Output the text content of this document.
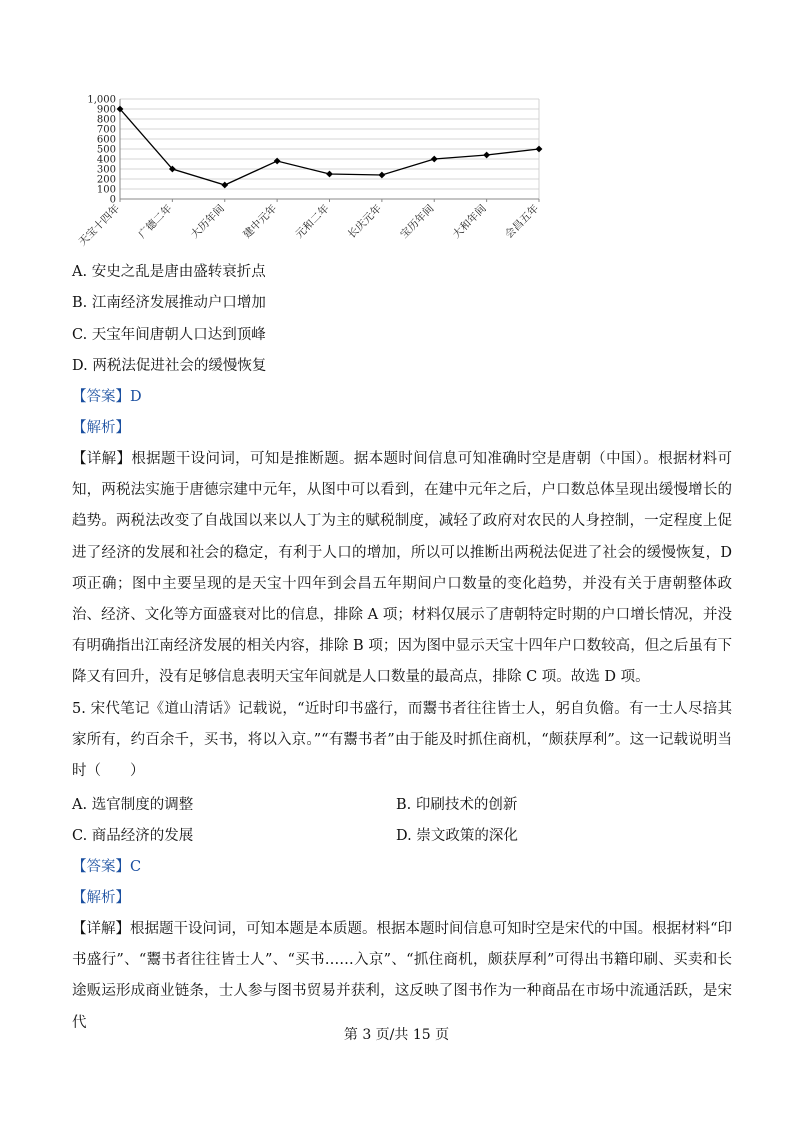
0
100
200
300
400
500
600
700
800
900
1,000
天宝十四年 广德二年 大历年间 建中元年 元和二年 长庆元年 宝历年间 大和年间 会昌五年
A. 安史之乱是唐由盛转衰折点
B. 江南经济发展推动户口增加
C. 天宝年间唐朝人口达到顶峰
D. 两税法促进社会的缓慢恢复
【答案】D
【解析】
【详解】根据题干设问词，可知是推断题。据本题时间信息可知准确时空是唐朝（中国）。根据材料可知，两税法实施于唐德宗建中元年，从图中可以看到，在建中元年之后，户口数总体呈现出缓慢增长的趋势。两税法改变了自战国以来以人丁为主的赋税制度，减轻了政府对农民的人身控制，一定程度上促进了经济的发展和社会的稳定，有利于人口的增加，所以可以推断出两税法促进了社会的缓慢恢复，D 项正确；图中主要呈现的是天宝十四年到会昌五年期间户口数量的变化趋势，并没有关于唐朝整体政治、经济、文化等方面盛衰对比的信息，排除 A 项；材料仅展示了唐朝特定时期的户口增长情况，并没有明确指出江南经济发展的相关内容，排除 B 项；因为图中显示天宝十四年户口数较高，但之后虽有下降又有回升，没有足够信息表明天宝年间就是人口数量的最高点，排除 C 项。故选 D 项。
5. 宋代笔记《道山清话》记载说，“近时印书盛行，而鬻书者往往皆士人，躬自负儋。有一士人尽掊其家所有，约百余千，买书，将以入京。”“有鬻书者”由于能及时抓住商机，“颇获厚利”。这一记载说明当时（　　）
A. 选官制度的调整	B. 印刷技术的创新
C. 商品经济的发展	D. 崇文政策的深化
【答案】C
【解析】
【详解】根据题干设问词，可知本题是本质题。根据本题时间信息可知时空是宋代的中国。根据材料“印书盛行”、“鬻书者往往皆士人”、“买书……入京”、“抓住商机，颇获厚利”可得出书籍印刷、买卖和长途贩运形成商业链条，士人参与图书贸易并获利，这反映了图书作为一种商品在市场中流通活跃，是宋代
第 3 页/共 15 页
